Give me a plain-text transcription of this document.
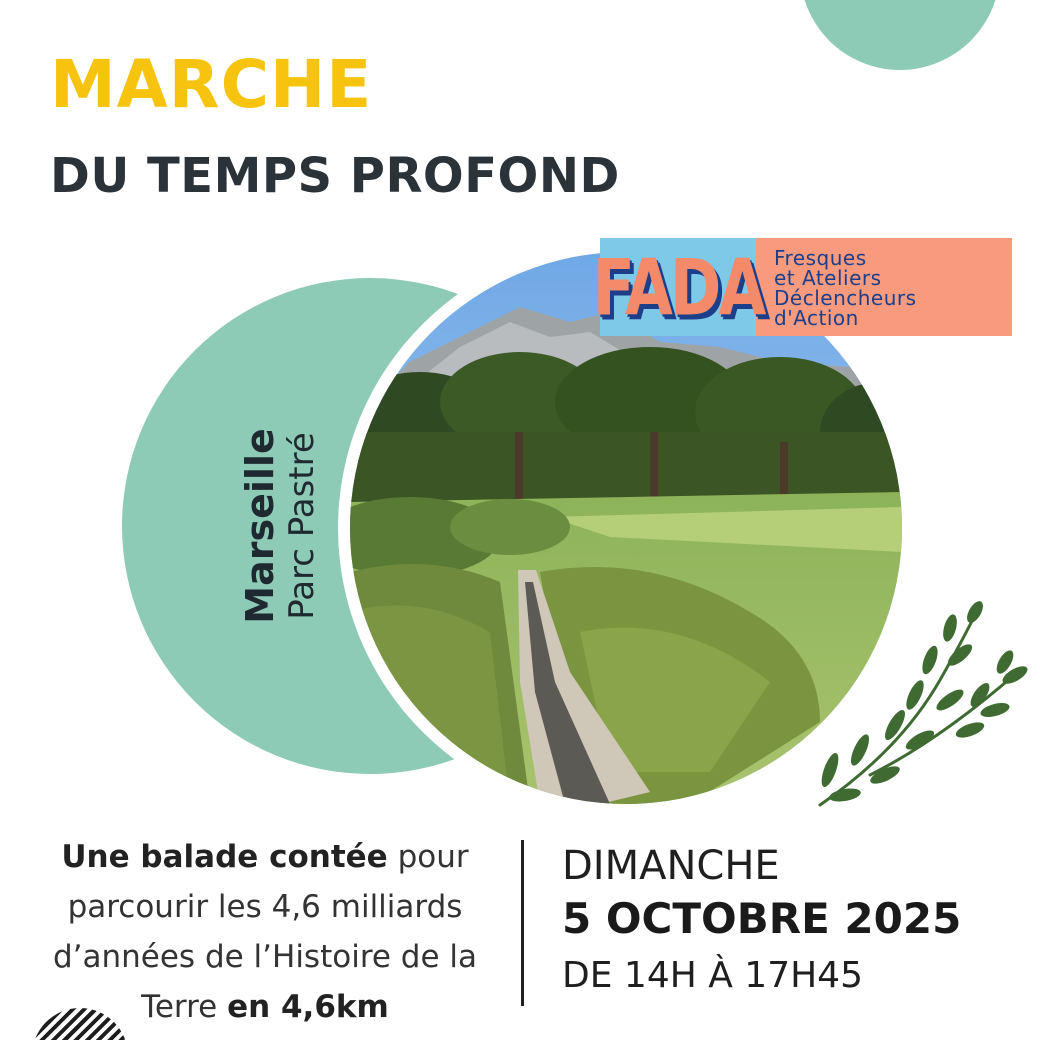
MARCHE
DU TEMPS PROFOND
Marseille Parc Pastré
FADA Fresques
et Ateliers
Déclencheurs
d'Action

Une balade contée pour parcourir les 4,6 milliards d’années de l’Histoire de la Terre en 4,6km

DIMANCHE
5 OCTOBRE 2025
DE 14H À 17H45
